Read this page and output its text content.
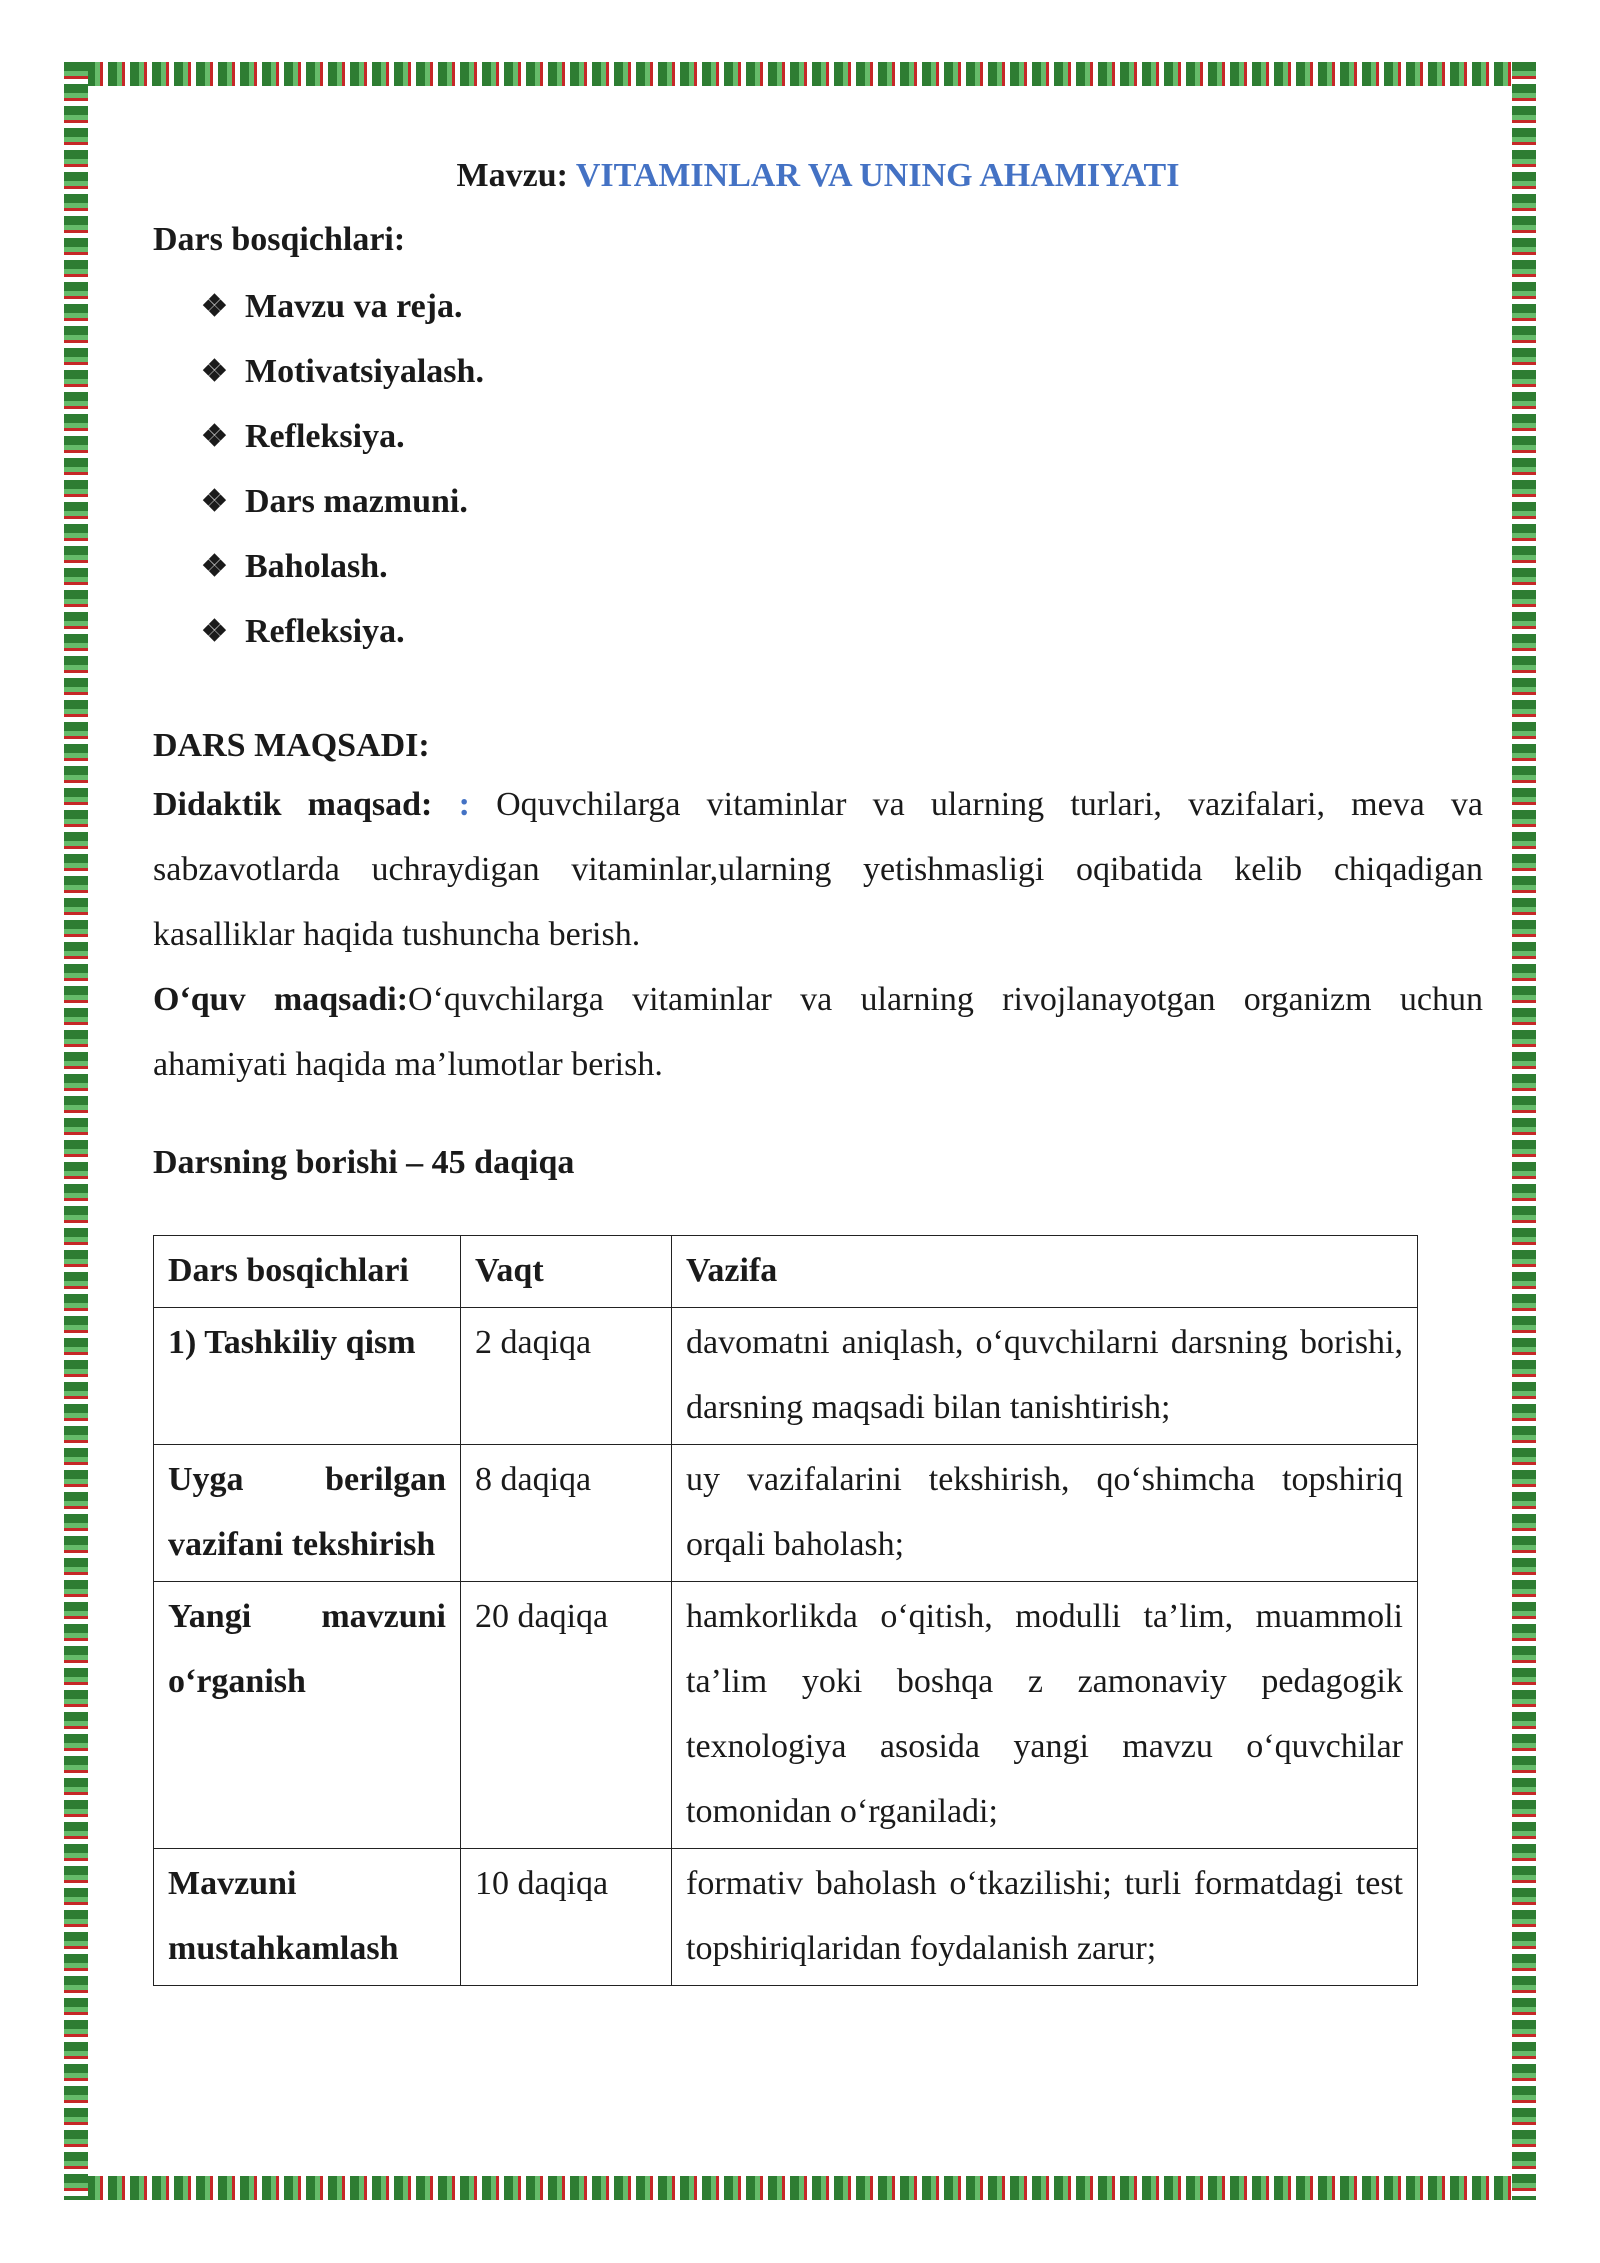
Mavzu: VITAMINLAR VA UNING AHAMIYATI

Dars bosqichlari:

❖ Mavzu va reja.
❖ Motivatsiyalash.
❖ Refleksiya.
❖ Dars mazmuni.
❖ Baholash.
❖ Refleksiya.

DARS MAQSADI:

Didaktik maqsad: : Oquvchilarga vitaminlar va ularning turlari, vazifalari, meva va sabzavotlarda uchraydigan vitaminlar,ularning yetishmasligi oqibatida kelib chiqadigan kasalliklar haqida tushuncha berish.

O‘quv maqsadi:O‘quvchilarga vitaminlar va ularning rivojlanayotgan organizm uchun ahamiyati haqida ma’lumotlar berish.

Darsning borishi – 45 daqiqa

Dars bosqichlari	Vaqt	Vazifa
1) Tashkiliy qism	2 daqiqa	davomatni aniqlash, o‘quvchilarni darsning borishi, darsning maqsadi bilan tanishtirish;
Uyga berilgan vazifani tekshirish	8 daqiqa	uy vazifalarini tekshirish, qo‘shimcha topshiriq orqali baholash;
Yangi mavzuni o‘rganish	20 daqiqa	hamkorlikda o‘qitish, modulli ta’lim, muammoli ta’lim yoki boshqa z zamonaviy pedagogik texnologiya asosida yangi mavzu o‘quvchilar tomonidan o‘rganiladi;
Mavzuni mustahkamlash	10 daqiqa	formativ baholash o‘tkazilishi; turli formatdagi test topshiriqlaridan foydalanish zarur;
